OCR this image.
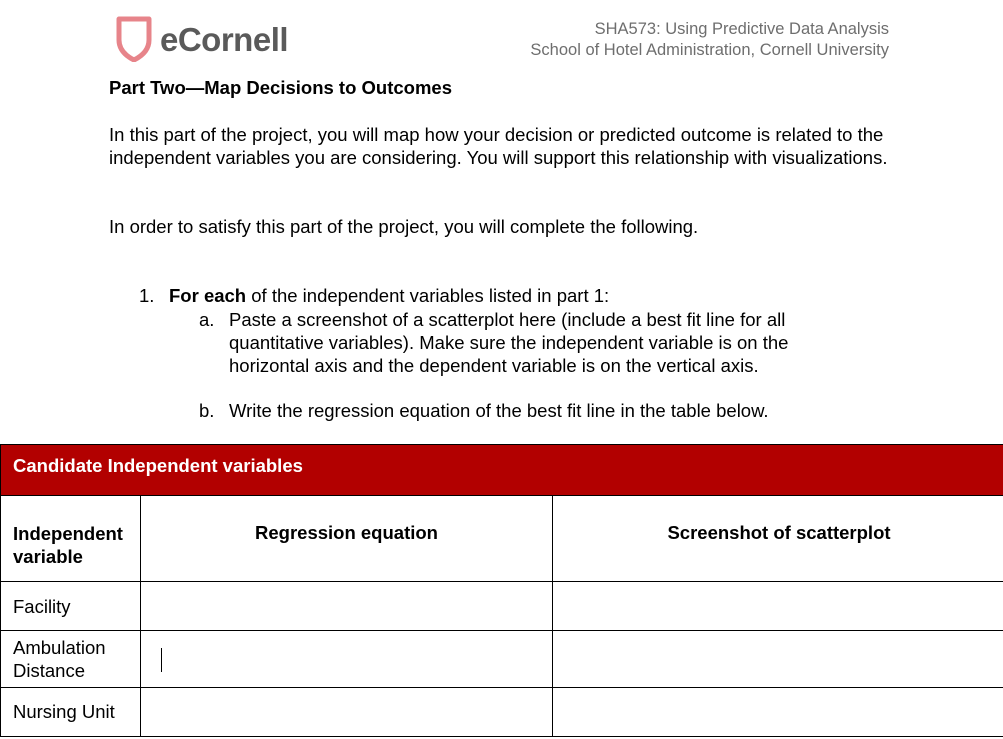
eCornell	SHA573: Using Predictive Data Analysis
School of Hotel Administration, Cornell University
Part Two—Map Decisions to Outcomes
In this part of the project, you will map how your decision or predicted outcome is related to the independent variables you are considering. You will support this relationship with visualizations.
In order to satisfy this part of the project, you will complete the following.
1. For each of the independent variables listed in part 1:
a. Paste a screenshot of a scatterplot here (include a best fit line for all quantitative variables). Make sure the independent variable is on the horizontal axis and the dependent variable is on the vertical axis.
b. Write the regression equation of the best fit line in the table below.
Candidate Independent variables		
Independent variable	Regression equation	Screenshot of scatterplot
Facility		
Ambulation Distance		
Nursing Unit		
